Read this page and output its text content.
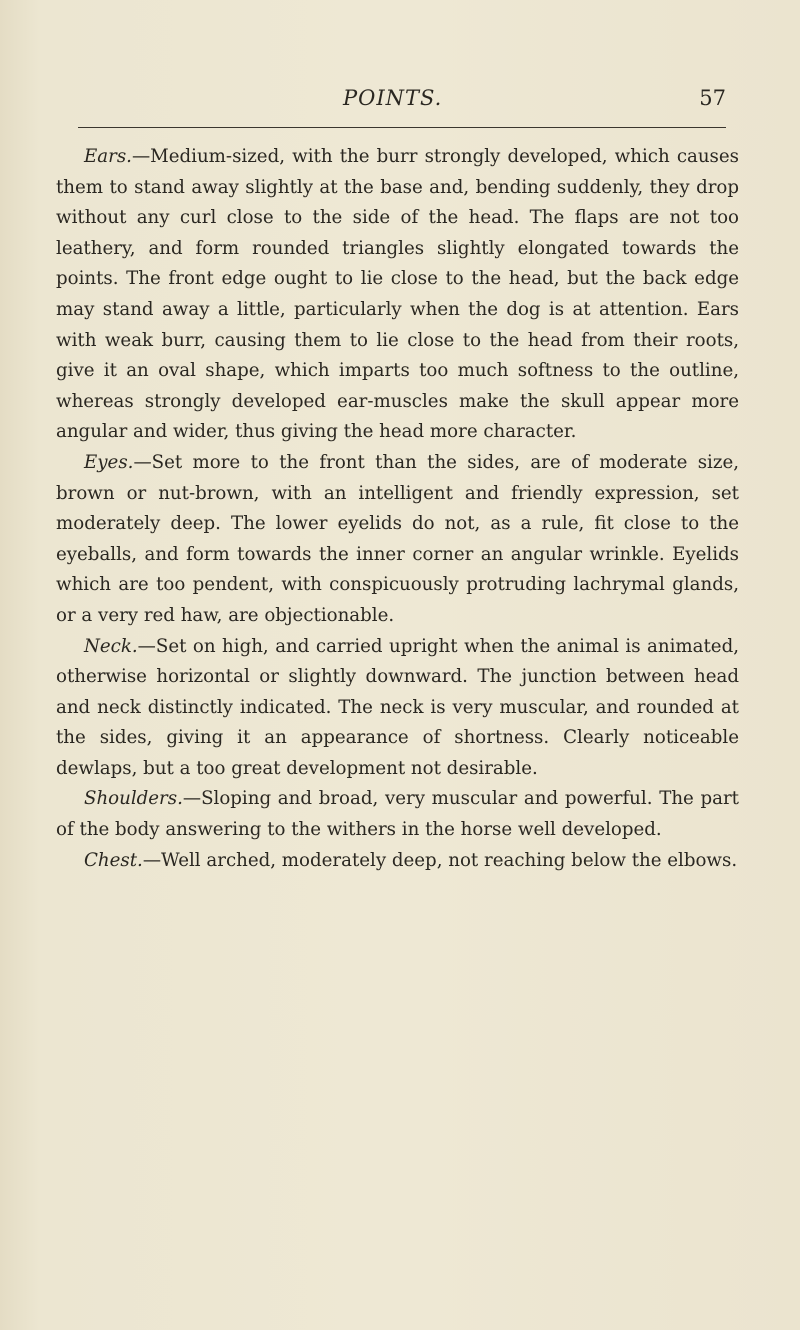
POINTS.	57

Ears.—Medium-sized, with the burr strongly developed, which causes them to stand away slightly at the base and, bending suddenly, they drop without any curl close to the side of the head. The flaps are not too leathery, and form rounded triangles slightly elongated towards the points. The front edge ought to lie close to the head, but the back edge may stand away a little, particularly when the dog is at attention. Ears with weak burr, causing them to lie close to the head from their roots, give it an oval shape, which imparts too much softness to the outline, whereas strongly developed ear-muscles make the skull appear more angular and wider, thus giving the head more character.

Eyes.—Set more to the front than the sides, are of moderate size, brown or nut-brown, with an intelligent and friendly expression, set moderately deep. The lower eyelids do not, as a rule, fit close to the eyeballs, and form towards the inner corner an angular wrinkle. Eyelids which are too pendent, with conspicuously protruding lachrymal glands, or a very red haw, are objectionable.

Neck.—Set on high, and carried upright when the animal is animated, otherwise horizontal or slightly downward. The junction between head and neck distinctly indicated. The neck is very muscular, and rounded at the sides, giving it an appearance of shortness. Clearly noticeable dewlaps, but a too great development not desirable.

Shoulders.—Sloping and broad, very muscular and powerful. The part of the body answering to the withers in the horse well developed.

Chest.—Well arched, moderately deep, not reaching below the elbows.
